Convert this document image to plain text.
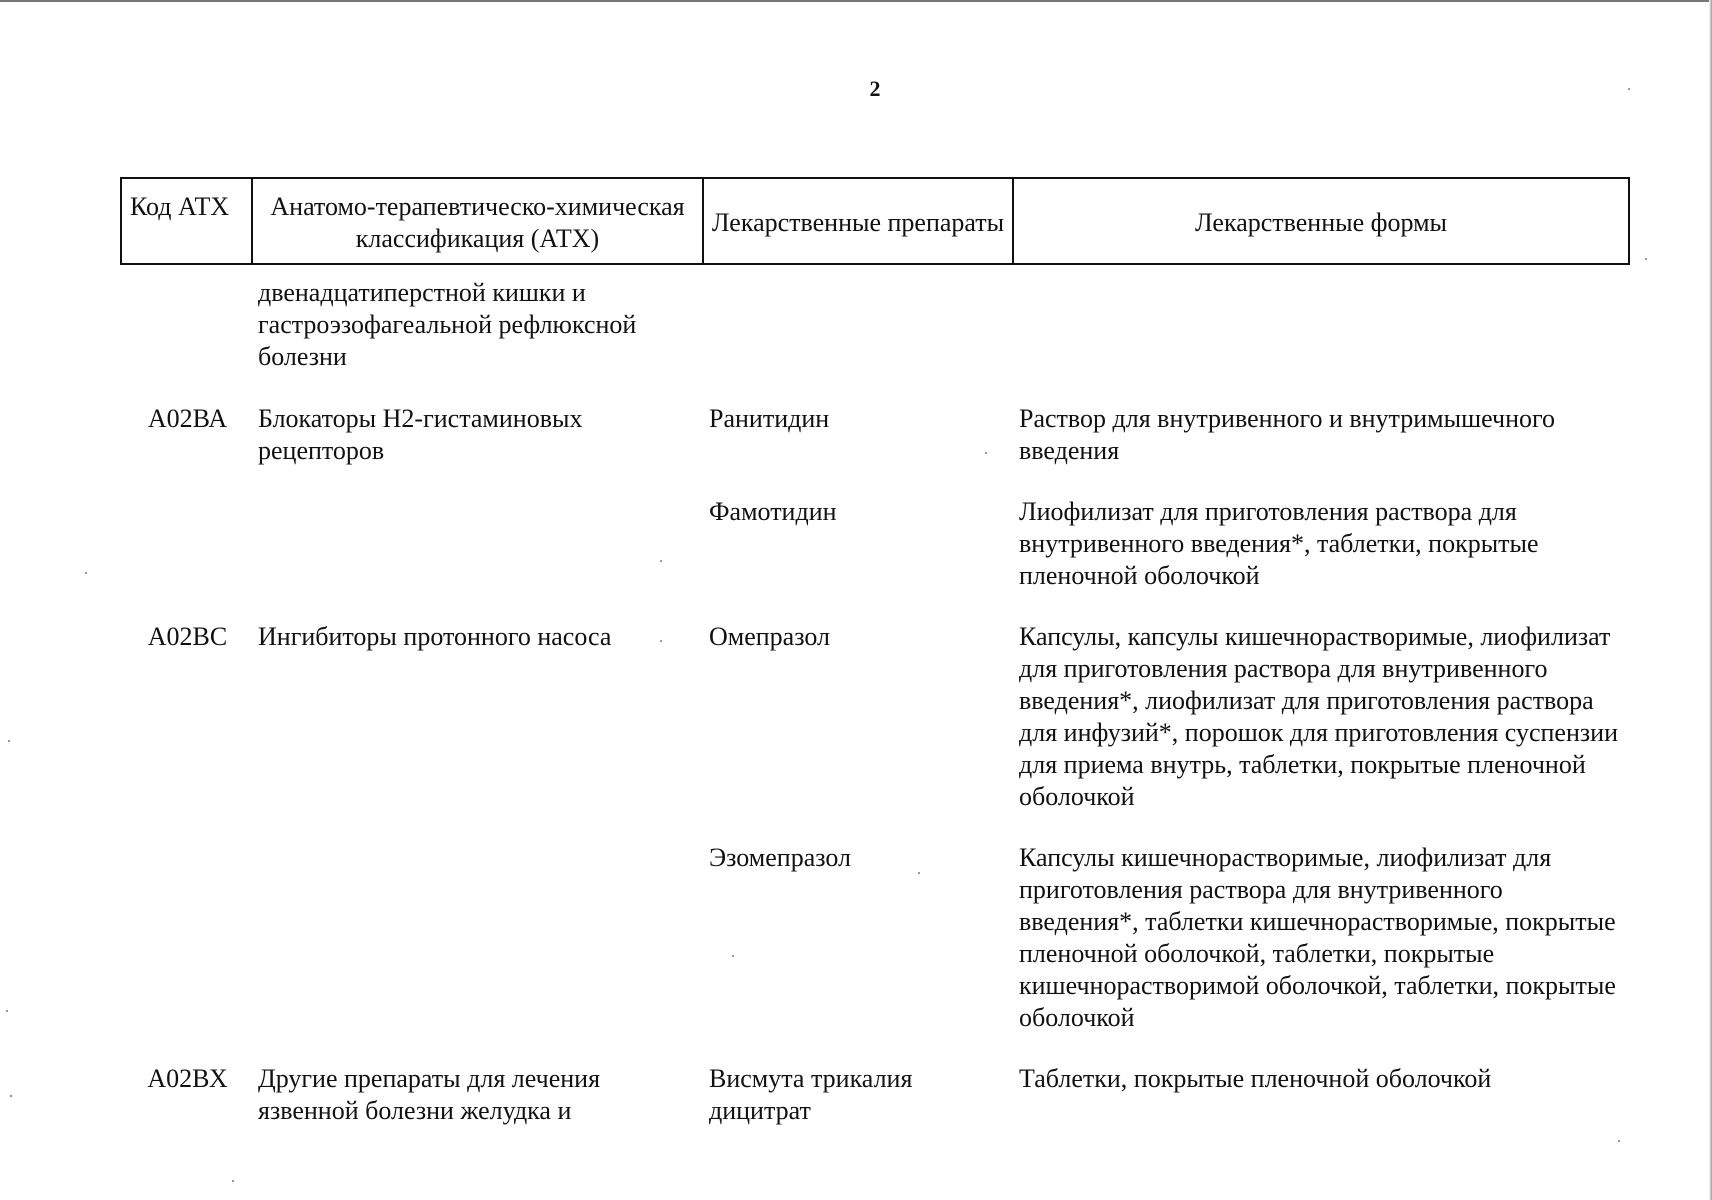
2
Код АТХ	Анатомо-терапевтическо-химическая классификация (АТХ)	Лекарственные препараты	Лекарственные формы
	двенадцатиперстной кишки и гастроэзофагеальной рефлюксной болезни		
А02ВА	Блокаторы Н2-гистаминовых рецепторов	Ранитидин	Раствор для внутривенного и внутримышечного введения
		Фамотидин	Лиофилизат для приготовления раствора для внутривенного введения*, таблетки, покрытые пленочной оболочкой
А02ВС	Ингибиторы протонного насоса	Омепразол	Капсулы, капсулы кишечнорастворимые, лиофилизат для приготовления раствора для внутривенного введения*, лиофилизат для приготовления раствора для инфузий*, порошок для приготовления суспензии для приема внутрь, таблетки, покрытые пленочной оболочкой
		Эзомепразол	Капсулы кишечнорастворимые, лиофилизат для приготовления раствора для внутривенного введения*, таблетки кишечнорастворимые, покрытые пленочной оболочкой, таблетки, покрытые кишечнорастворимой оболочкой, таблетки, покрытые оболочкой
А02ВХ	Другие препараты для лечения язвенной болезни желудка и	Висмута трикалия дицитрат	Таблетки, покрытые пленочной оболочкой
